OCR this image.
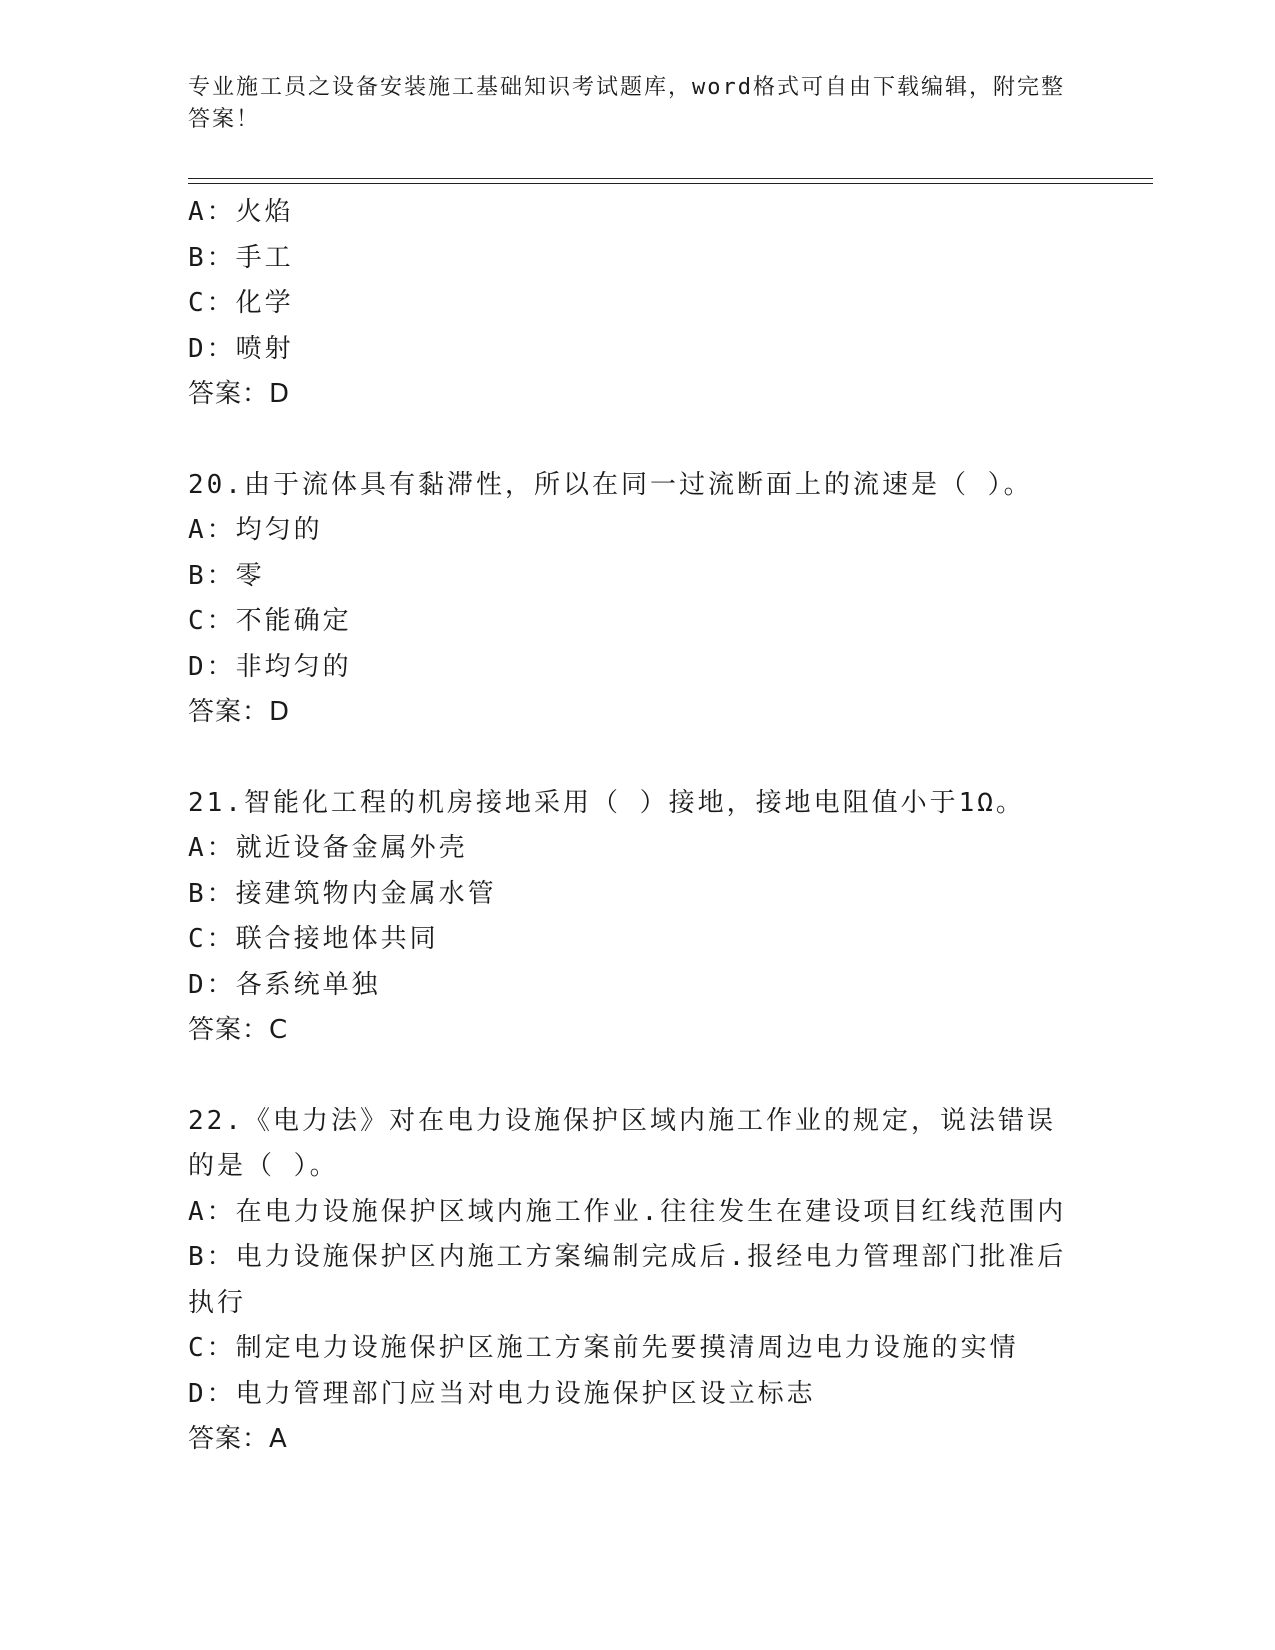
专业施工员之设备安装施工基础知识考试题库，word格式可自由下载编辑，附完整答案！
A：火焰
B：手工
C：化学
D：喷射
答案：D
20.由于流体具有黏滞性，所以在同一过流断面上的流速是（ ）。
A：均匀的
B：零
C：不能确定
D：非均匀的
答案：D
21.智能化工程的机房接地采用（ ）接地，接地电阻值小于1Ω。
A：就近设备金属外壳
B：接建筑物内金属水管
C：联合接地体共同
D：各系统单独
答案：C
22.《电力法》对在电力设施保护区域内施工作业的规定，说法错误的是（ ）。
A：在电力设施保护区域内施工作业.往往发生在建设项目红线范围内
B：电力设施保护区内施工方案编制完成后.报经电力管理部门批准后执行
C：制定电力设施保护区施工方案前先要摸清周边电力设施的实情
D：电力管理部门应当对电力设施保护区设立标志
答案：A
